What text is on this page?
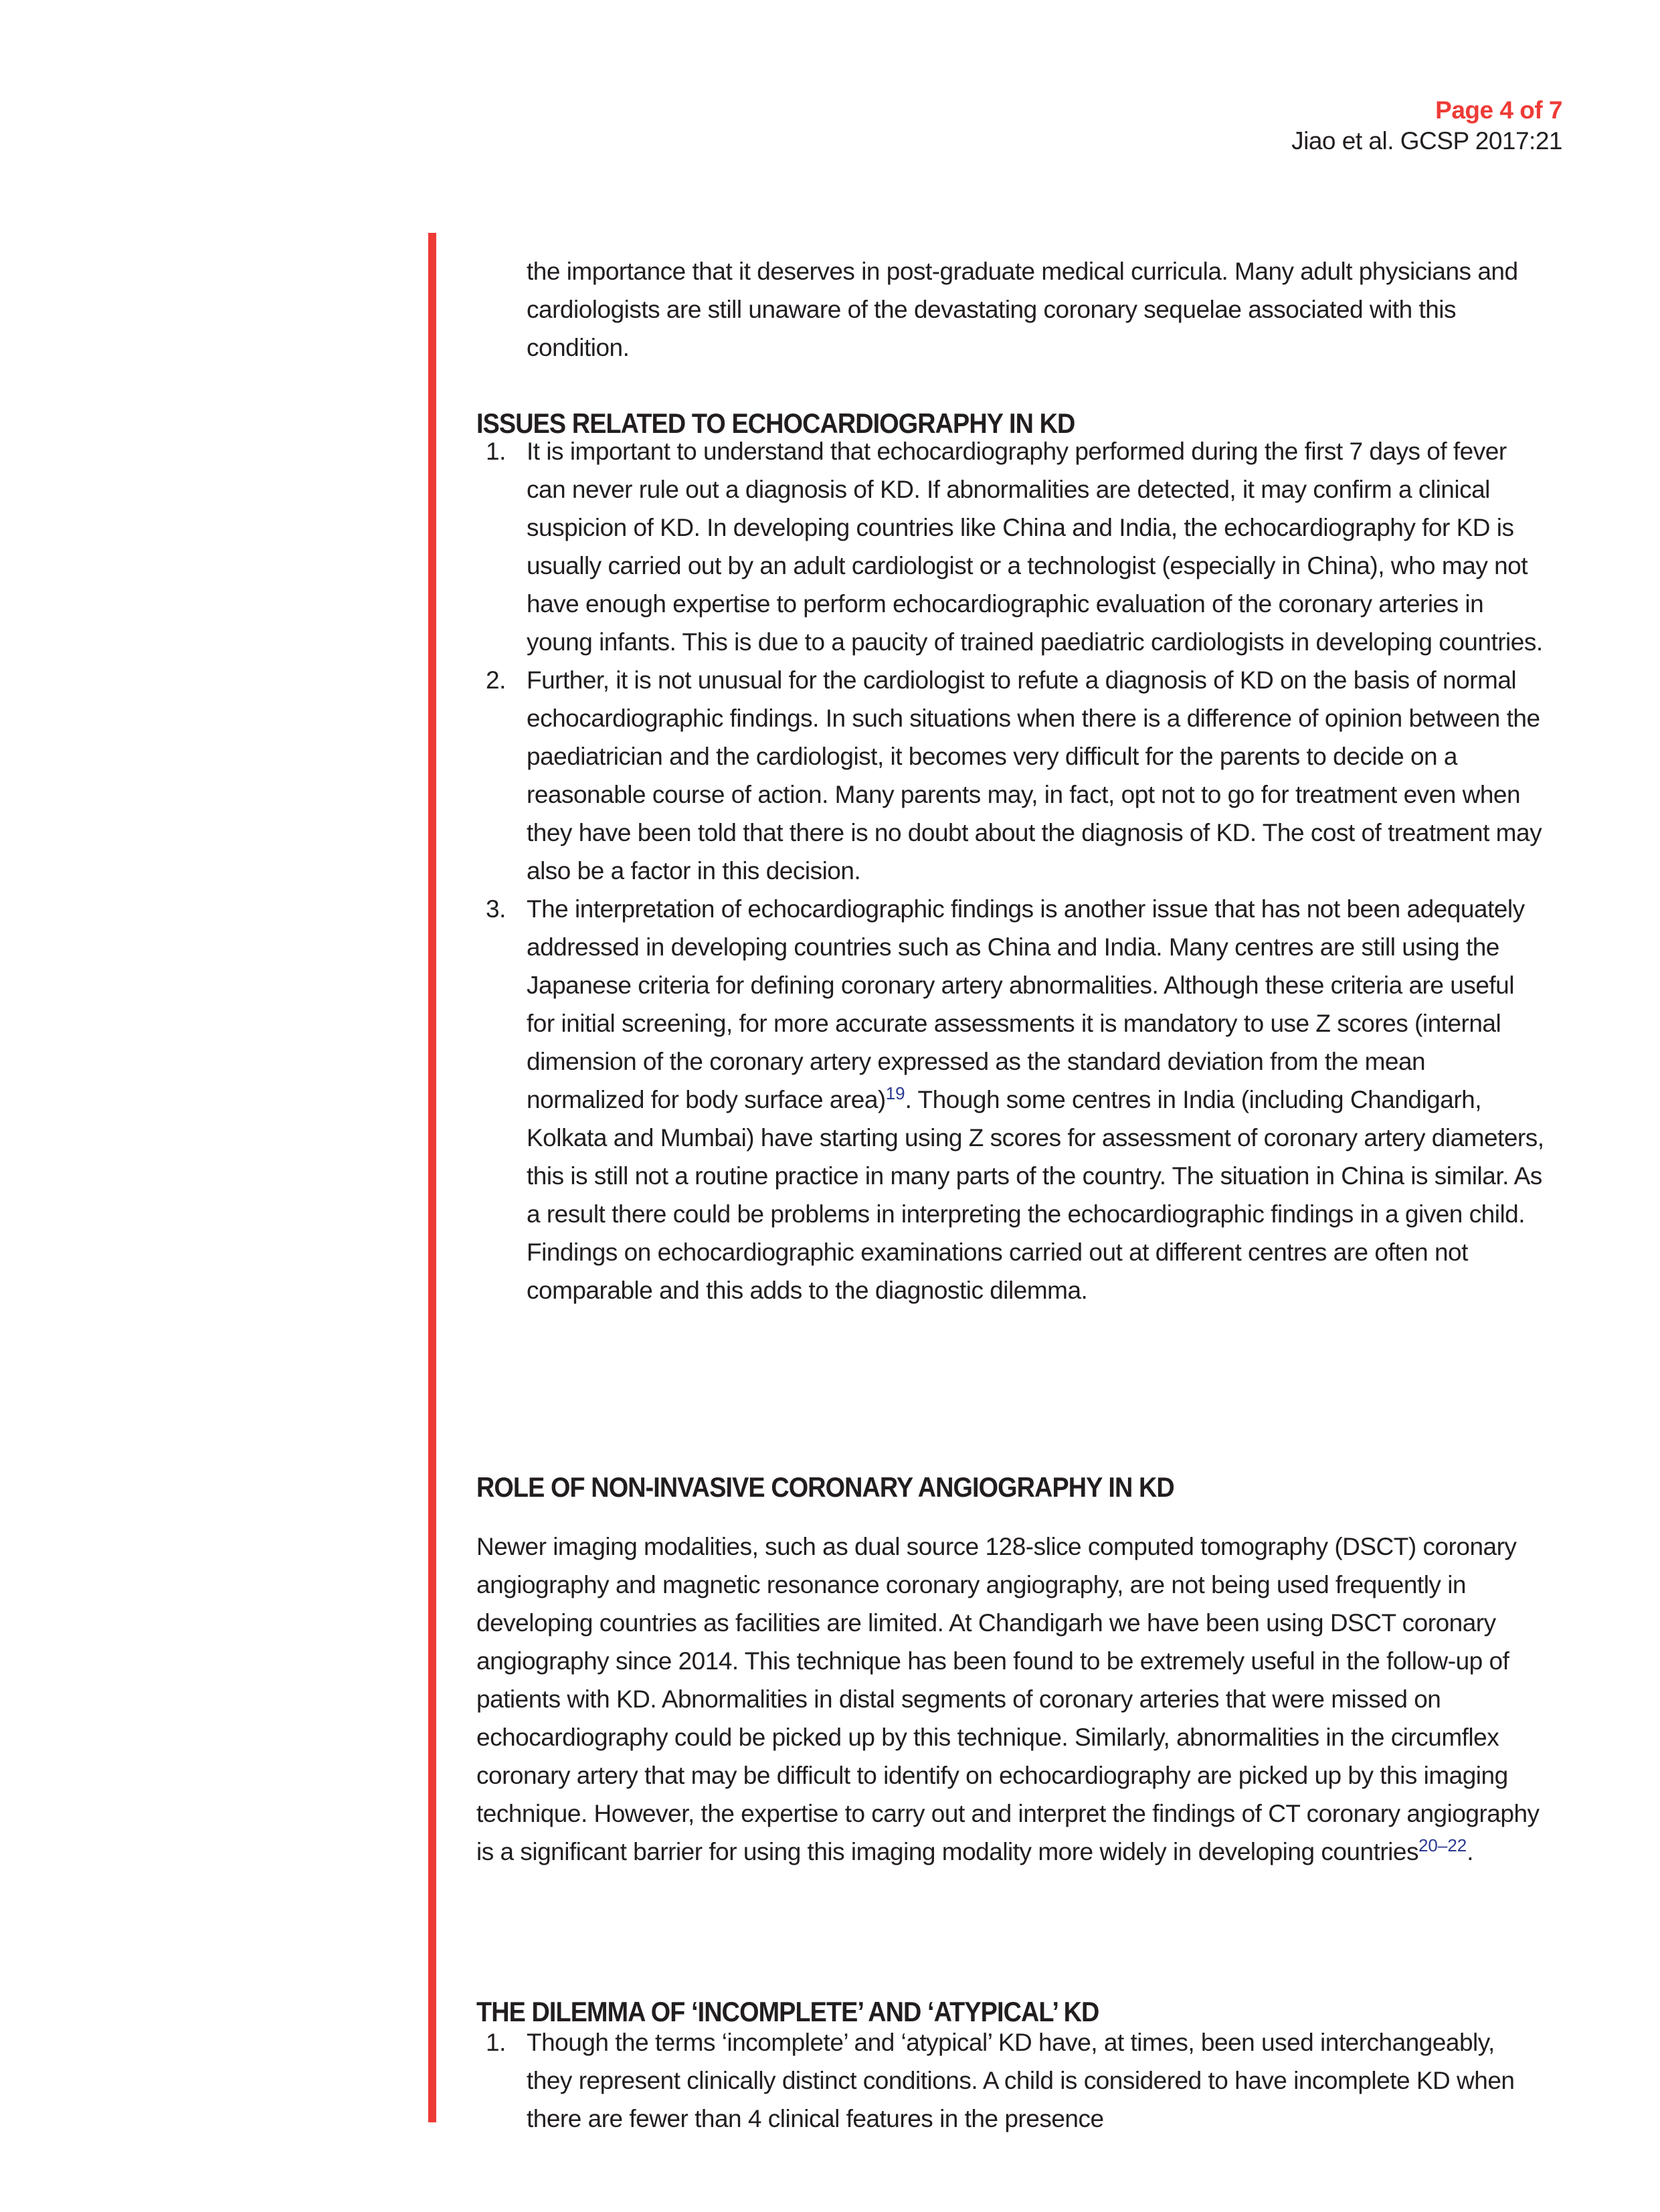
Page 4 of 7
Jiao et al. GCSP 2017:21

the importance that it deserves in post-graduate medical curricula. Many adult physicians and cardiologists are still unaware of the devastating coronary sequelae associated with this condition.

ISSUES RELATED TO ECHOCARDIOGRAPHY IN KD
1. It is important to understand that echocardiography performed during the first 7 days of fever can never rule out a diagnosis of KD. If abnormalities are detected, it may confirm a clinical suspicion of KD. In developing countries like China and India, the echocardiography for KD is usually carried out by an adult cardiologist or a technologist (especially in China), who may not have enough expertise to perform echocardiographic evaluation of the coronary arteries in young infants. This is due to a paucity of trained paediatric cardiologists in developing countries.
2. Further, it is not unusual for the cardiologist to refute a diagnosis of KD on the basis of normal echocardiographic findings. In such situations when there is a difference of opinion between the paediatrician and the cardiologist, it becomes very difficult for the parents to decide on a reasonable course of action. Many parents may, in fact, opt not to go for treatment even when they have been told that there is no doubt about the diagnosis of KD. The cost of treatment may also be a factor in this decision.
3. The interpretation of echocardiographic findings is another issue that has not been adequately addressed in developing countries such as China and India. Many centres are still using the Japanese criteria for defining coronary artery abnormalities. Although these criteria are useful for initial screening, for more accurate assessments it is mandatory to use Z scores (internal dimension of the coronary artery expressed as the standard deviation from the mean normalized for body surface area)$^{19}$. Though some centres in India (including Chandigarh, Kolkata and Mumbai) have starting using Z scores for assessment of coronary artery diameters, this is still not a routine practice in many parts of the country. The situation in China is similar. As a result there could be problems in interpreting the echocardiographic findings in a given child. Findings on echocardiographic examinations carried out at different centres are often not comparable and this adds to the diagnostic dilemma.
ROLE OF NON-INVASIVE CORONARY ANGIOGRAPHY IN KD

Newer imaging modalities, such as dual source 128-slice computed tomography (DSCT) coronary angiography and magnetic resonance coronary angiography, are not being used frequently in developing countries as facilities are limited. At Chandigarh we have been using DSCT coronary angiography since 2014. This technique has been found to be extremely useful in the follow-up of patients with KD. Abnormalities in distal segments of coronary arteries that were missed on echocardiography could be picked up by this technique. Similarly, abnormalities in the circumflex coronary artery that may be difficult to identify on echocardiography are picked up by this imaging technique. However, the expertise to carry out and interpret the findings of CT coronary angiography is a significant barrier for using this imaging modality more widely in developing countries$^{20-22}$.

THE DILEMMA OF ‘INCOMPLETE’ AND ‘ATYPICAL’ KD
1. Though the terms ‘incomplete’ and ‘atypical’ KD have, at times, been used interchangeably, they represent clinically distinct conditions. A child is considered to have incomplete KD when there are fewer than 4 clinical features in the presence
